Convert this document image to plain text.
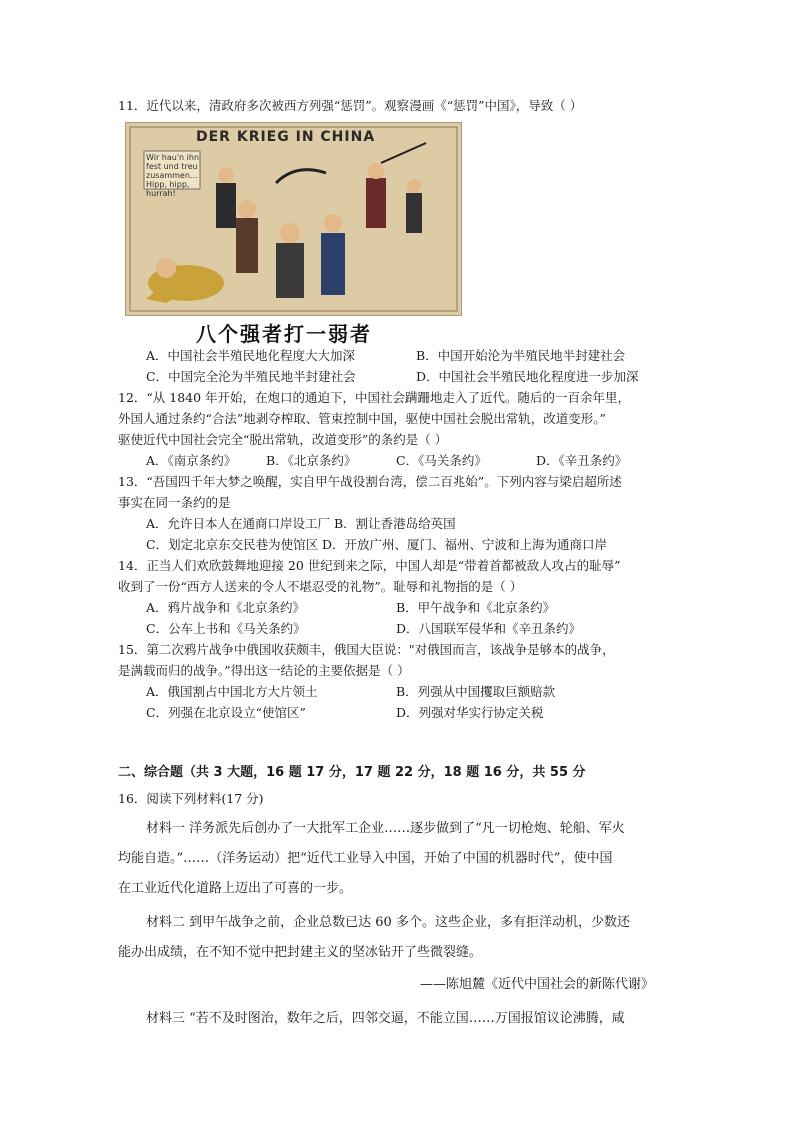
11．近代以来，清政府多次被西方列强“惩罚”。观察漫画《“惩罚”中国》，导致（ ）
DER KRIEG IN CHINA
Wir hau'n ihn fest und treu zusammen... Hipp, hipp, hurrah!
八个强者打一弱者
A．中国社会半殖民地化程度大大加深	B．中国开始沦为半殖民地半封建社会
C．中国完全沦为半殖民地半封建社会	D．中国社会半殖民地化程度进一步加深
12．“从 1840 年开始，在炮口的通迫下，中国社会蹒跚地走入了近代。随后的一百余年里，
外国人通过条约“合法”地剥夺榨取、管束控制中国，驱使中国社会脱出常轨，改道变形。”
驱使近代中国社会完全“脱出常轨，改道变形”的条约是（ ）
A．《南京条约》 B．《北京条约》	C．《马关条约》	D．《辛丑条约》
13．“吾国四千年大梦之唤醒，实自甲午战役割台湾，偿二百兆始”。下列内容与梁启超所述
事实在同一条约的是
A．允许日本人在通商口岸设工厂 B．割让香港岛给英国
C．划定北京东交民巷为使馆区 D．开放广州、厦门、福州、宁波和上海为通商口岸
14．正当人们欢欣鼓舞地迎接 20 世纪到来之际，中国人却是“带着首都被敌人攻占的耻辱”
收到了一份“西方人送来的令人不堪忍受的礼物”。耻辱和礼物指的是（ ）
A．鸦片战争和《北京条约》	B．甲午战争和《北京条约》
C．公车上书和《马关条约》	D．八国联军侵华和《辛丑条约》
15．第二次鸦片战争中俄国收获颇丰，俄国大臣说："对俄国而言，该战争是够本的战争，
是满载而归的战争。”得出这一结论的主要依据是（ ）
A．俄国割占中国北方大片领土	B．列强从中国攫取巨额赔款
C．列强在北京设立“使馆区”	D．列强对华实行协定关税
二、综合题（共 3 大题，16 题 17 分，17 题 22 分，18 题 16 分，共 55 分
16．阅读下列材料(17 分)
材料一 洋务派先后创办了一大批军工企业……逐步做到了“凡一切枪炮、轮船、军火
均能自造。”……（洋务运动）把“近代工业导入中国，开始了中国的机器时代”，使中国
在工业近代化道路上迈出了可喜的一步。
材料二 到甲午战争之前，企业总数已达 60 多个。这些企业，多有拒洋动机，少数还
能办出成绩，在不知不觉中把封建主义的坚冰钻开了些微裂缝。
——陈旭麓《近代中国社会的新陈代谢》
材料三 “若不及时图治，数年之后，四邻交逼，不能立国……万国报馆议论沸腾，咸
